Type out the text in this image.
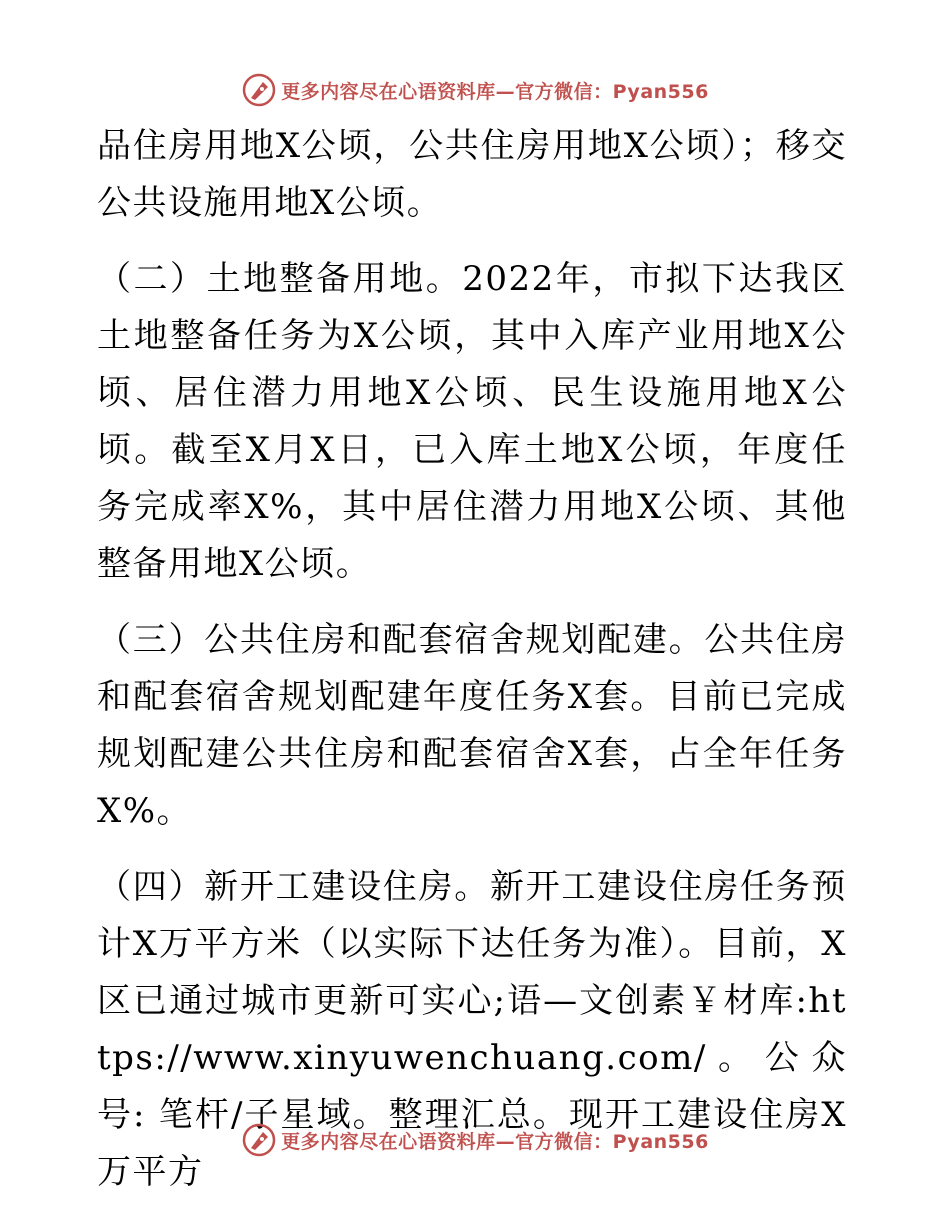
更多内容尽在心语资料库—官方微信：Pyan556

品住房用地X公顷，公共住房用地X公顷）；移交公共设施用地X公顷。

（二）土地整备用地。2022年，市拟下达我区土地整备任务为X公顷，其中入库产业用地X公顷、居住潜力用地X公顷、民生设施用地X公顷。截至X月X日，已入库土地X公顷，年度任务完成率X%，其中居住潜力用地X公顷、其他整备用地X公顷。

（三）公共住房和配套宿舍规划配建。公共住房和配套宿舍规划配建年度任务X套。目前已完成规划配建公共住房和配套宿舍X套，占全年任务X%。

（四）新开工建设住房。新开工建设住房任务预计X万平方米（以实际下达任务为准）。目前，X区已通过城市更新可实心;语—文创素￥材库:https://www.xinyuwenchuang.com/。公众号: 笔杆/子星域。整理汇总。现开工建设住房X万平方

更多内容尽在心语资料库—官方微信：Pyan556
